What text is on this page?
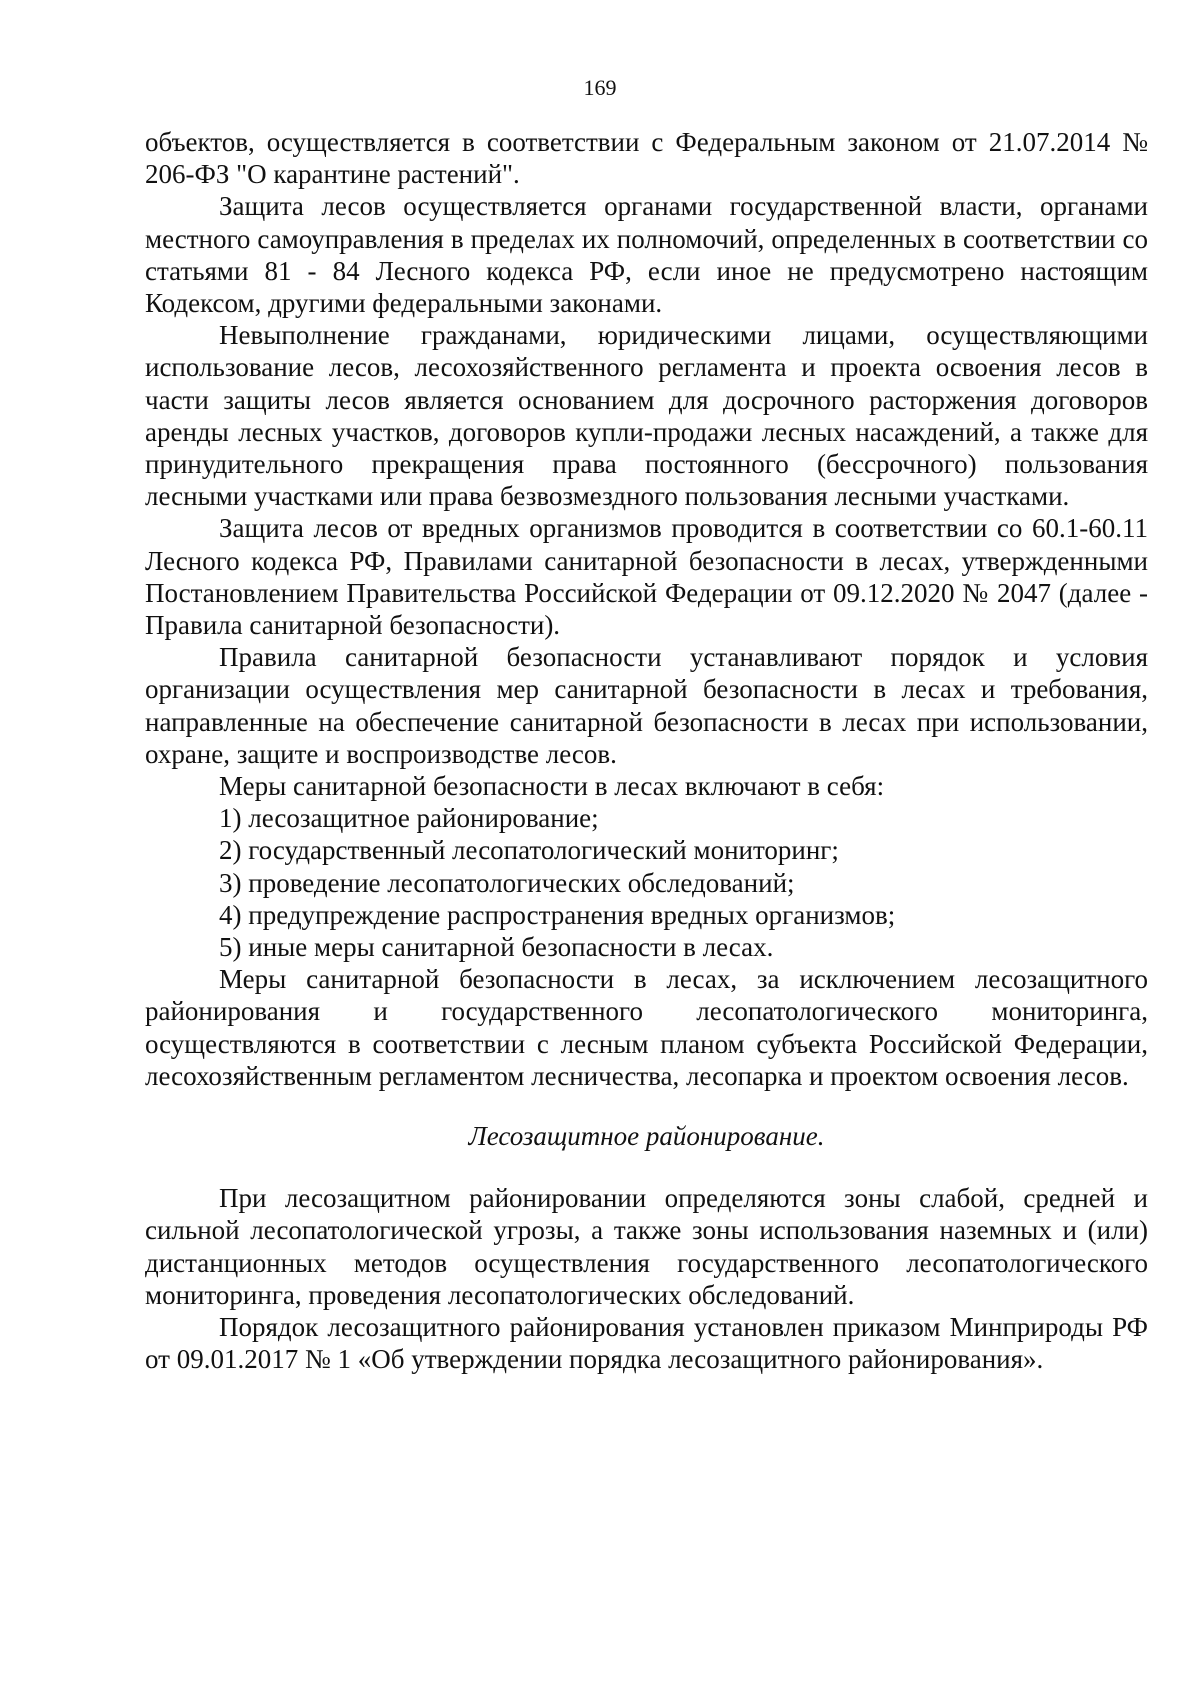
169

объектов, осуществляется в соответствии с Федеральным законом от 21.07.2014 № 206-ФЗ "О карантине растений".

Защита лесов осуществляется органами государственной власти, органами местного самоуправления в пределах их полномочий, определенных в соответствии со статьями 81 - 84 Лесного кодекса РФ, если иное не предусмотрено настоящим Кодексом, другими федеральными законами.

Невыполнение гражданами, юридическими лицами, осуществляющими использование лесов, лесохозяйственного регламента и проекта освоения лесов в части защиты лесов является основанием для досрочного расторжения договоров аренды лесных участков, договоров купли-продажи лесных насаждений, а также для принудительного прекращения права постоянного (бессрочного) пользования лесными участками или права безвозмездного пользования лесными участками.

Защита лесов от вредных организмов проводится в соответствии со 60.1-60.11 Лесного кодекса РФ, Правилами санитарной безопасности в лесах, утвержденными Постановлением Правительства Российской Федерации от 09.12.2020 № 2047 (далее - Правила санитарной безопасности).

Правила санитарной безопасности устанавливают порядок и условия организации осуществления мер санитарной безопасности в лесах и требования, направленные на обеспечение санитарной безопасности в лесах при использовании, охране, защите и воспроизводстве лесов.

Меры санитарной безопасности в лесах включают в себя:

1) лесозащитное районирование;

2) государственный лесопатологический мониторинг;

3) проведение лесопатологических обследований;

4) предупреждение распространения вредных организмов;

5) иные меры санитарной безопасности в лесах.

Меры санитарной безопасности в лесах, за исключением лесозащитного районирования и государственного лесопатологического мониторинга, осуществляются в соответствии с лесным планом субъекта Российской Федерации, лесохозяйственным регламентом лесничества, лесопарка и проектом освоения лесов.

Лесозащитное районирование.

При лесозащитном районировании определяются зоны слабой, средней и сильной лесопатологической угрозы, а также зоны использования наземных и (или) дистанционных методов осуществления государственного лесопатологического мониторинга, проведения лесопатологических обследований.

Порядок лесозащитного районирования установлен приказом Минприроды РФ от 09.01.2017 № 1 «Об утверждении порядка лесозащитного районирования».
